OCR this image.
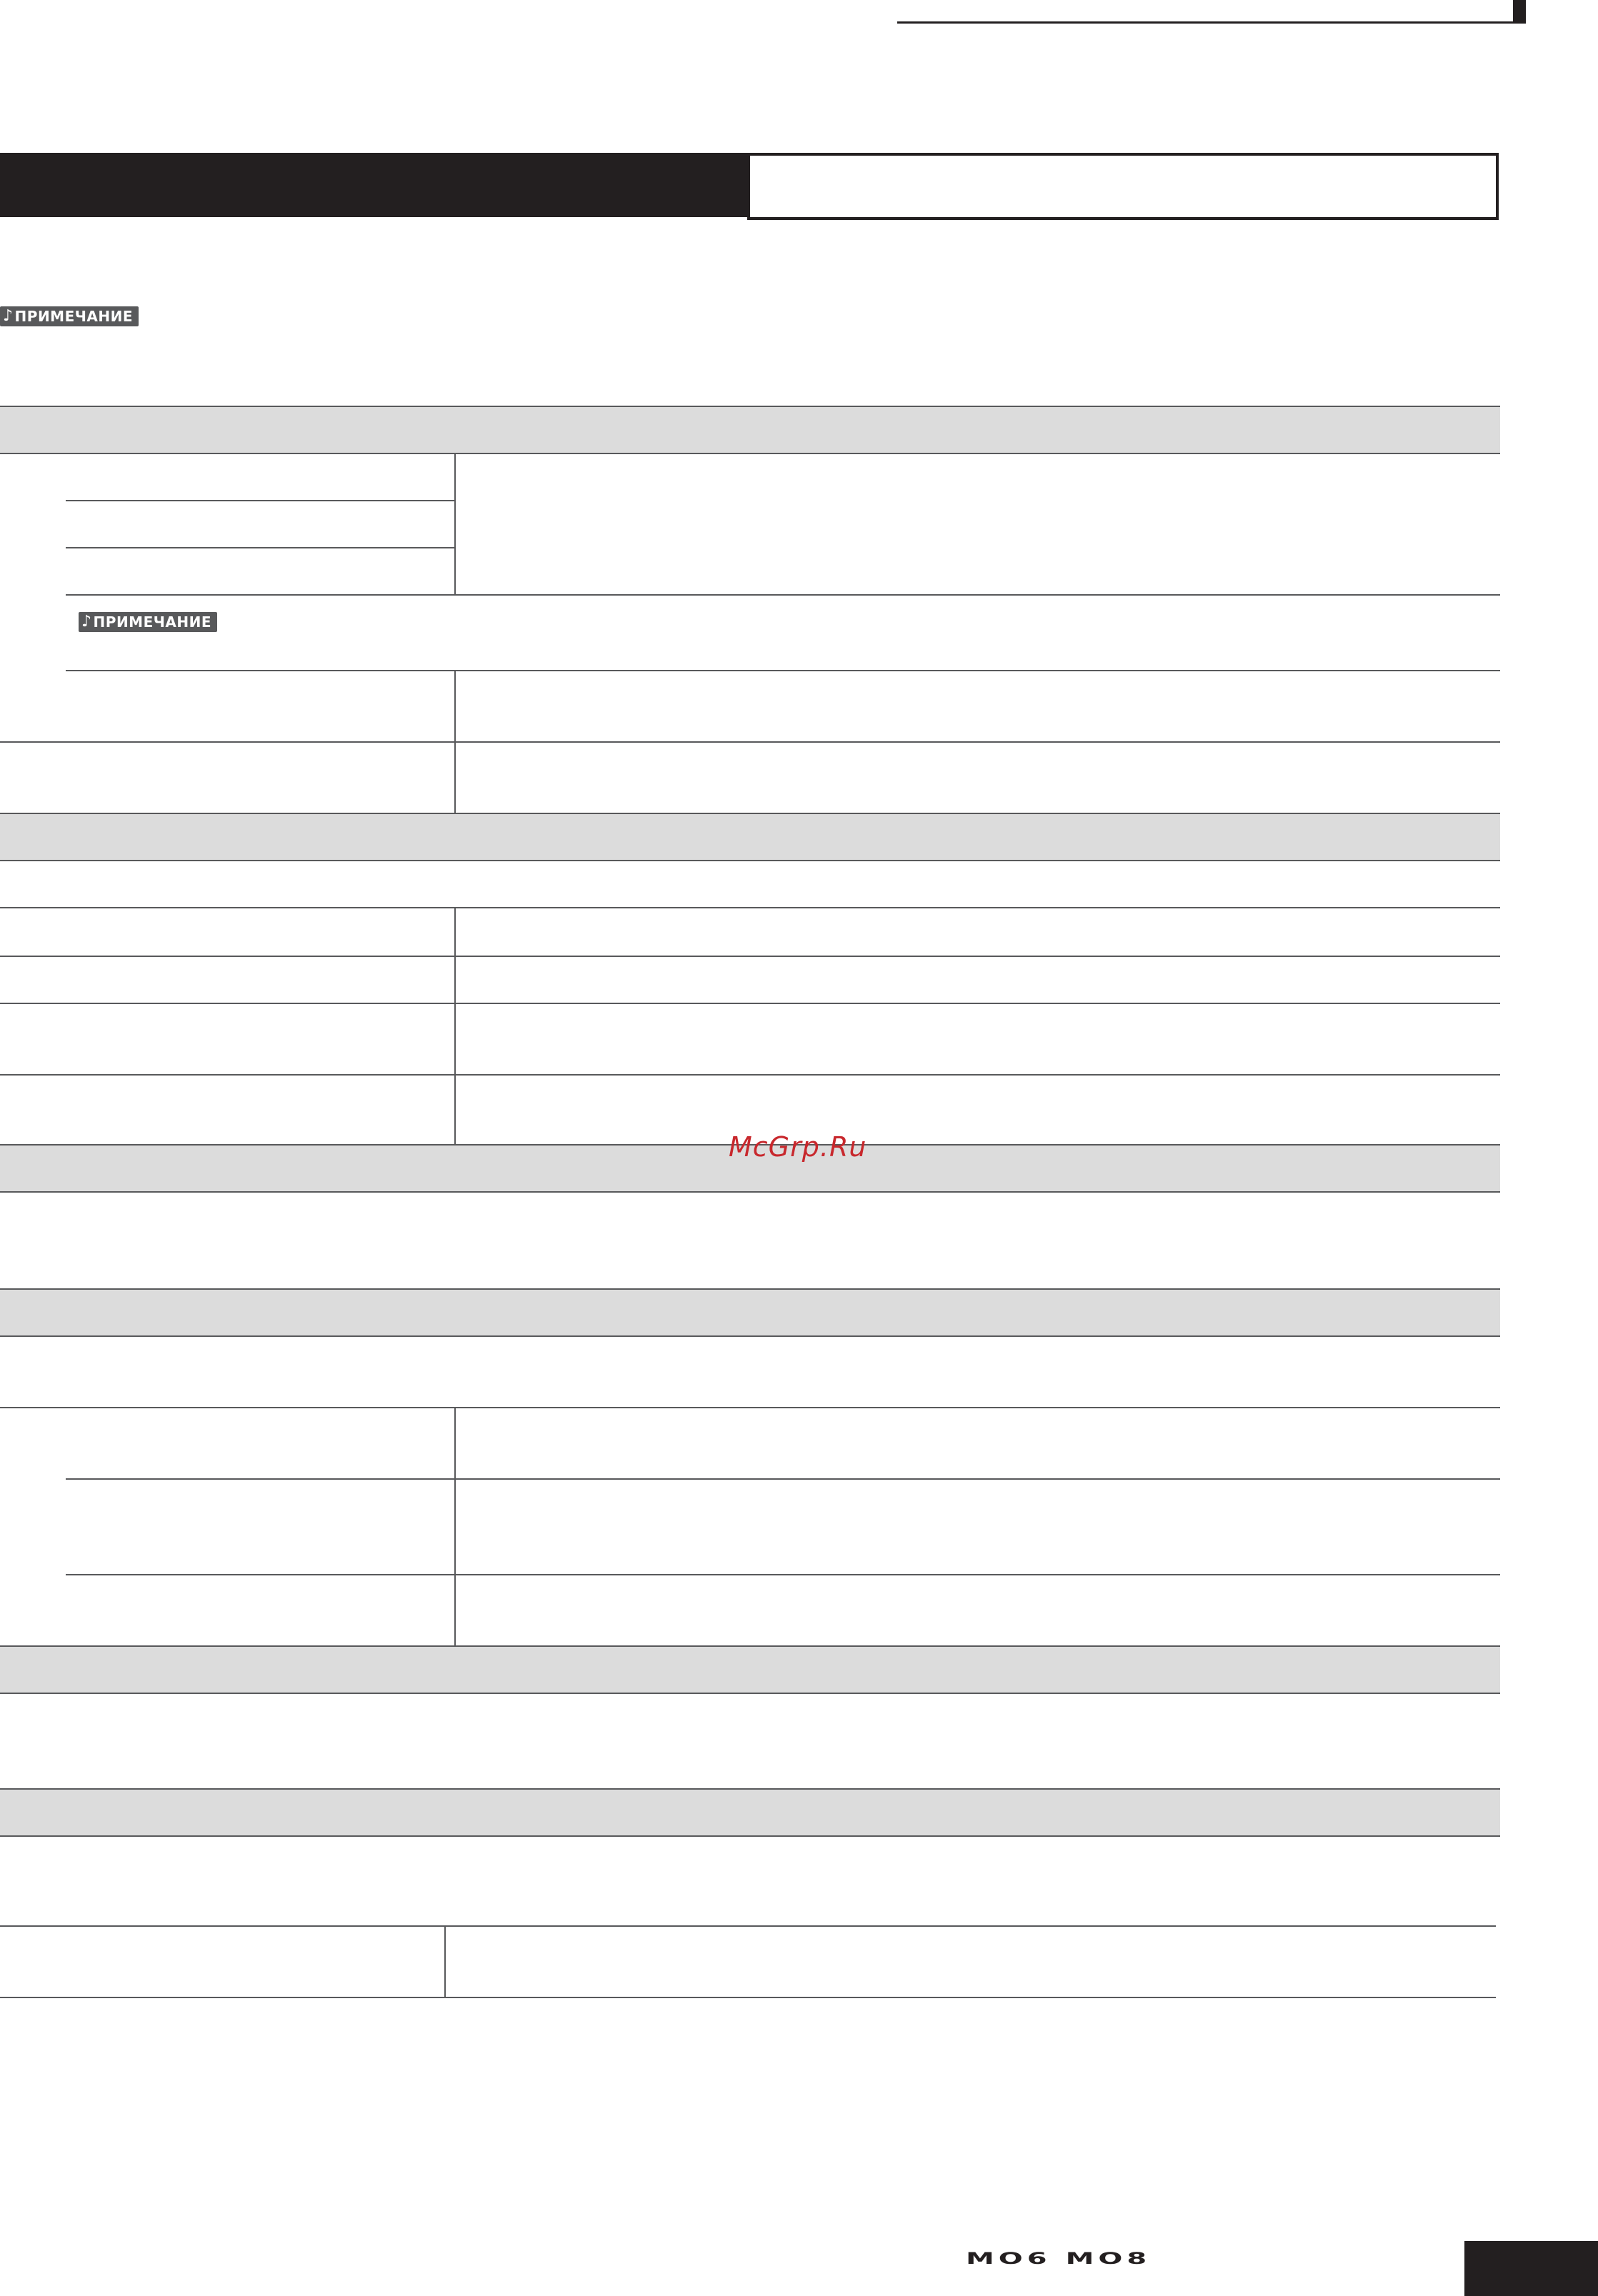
♪ ПРИМЕЧАНИЕ
♪ ПРИМЕЧАНИЕ
McGrp.Ru
MO6 MO8
